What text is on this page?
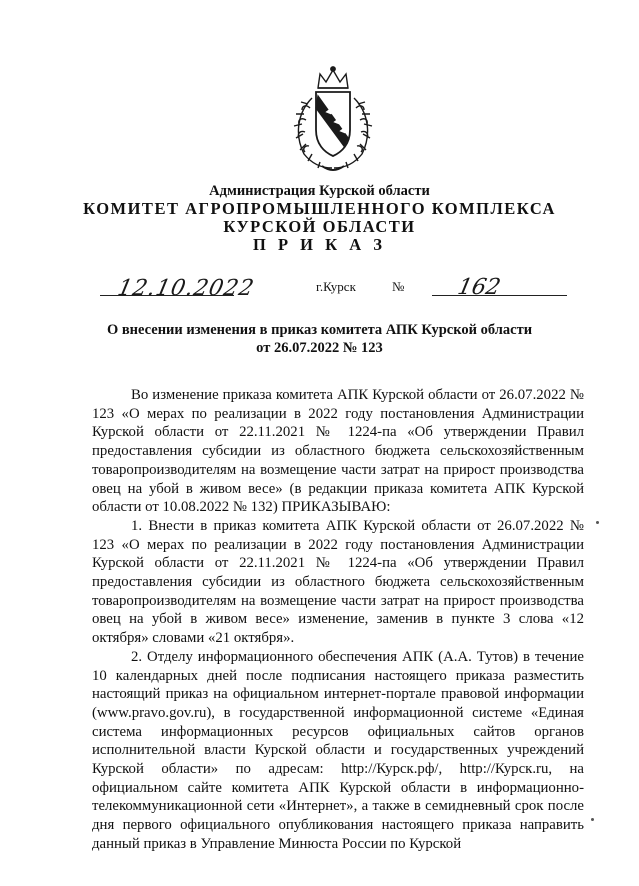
Администрация Курской области
КОМИТЕТ АГРОПРОМЫШЛЕННОГО КОМПЛЕКСА
КУРСКОЙ ОБЛАСТИ
П Р И К А З
12.10.2022	г.Курск	№ 162
О внесении изменения в приказ комитета АПК Курской области
от 26.07.2022 № 123

Во изменение приказа комитета АПК Курской области от 26.07.2022 № 123 «О мерах по реализации в 2022 году постановления Администрации Курской области от 22.11.2021 № 1224-па «Об утверждении Правил предоставления субсидии из областного бюджета сельскохозяйственным товаропроизводителям на возмещение части затрат на прирост производства овец на убой в живом весе» (в редакции приказа комитета АПК Курской области от 10.08.2022 № 132) ПРИКАЗЫВАЮ:

1. Внести в приказ комитета АПК Курской области от 26.07.2022 № 123 «О мерах по реализации в 2022 году постановления Администрации Курской области от 22.11.2021 № 1224-па «Об утверждении Правил предоставления субсидии из областного бюджета сельскохозяйственным товаропроизводителям на возмещение части затрат на прирост производства овец на убой в живом весе» изменение, заменив в пункте 3 слова «12 октября» словами «21 октября».

2. Отделу информационного обеспечения АПК (А.А. Тутов) в течение 10 календарных дней после подписания настоящего приказа разместить настоящий приказ на официальном интернет-портале правовой информации (www.pravo.gov.ru), в государственной информационной системе «Единая система информационных ресурсов официальных сайтов органов исполнительной власти Курской области и государственных учреждений Курской области» по адресам: http://Курск.рф/, http://Курск.ru, на официальном сайте комитета АПК Курской области в информационно-телекоммуникационной сети «Интернет», а также в семидневный срок после дня первого официального опубликования настоящего приказа направить данный приказ в Управление Минюста России по Курской
